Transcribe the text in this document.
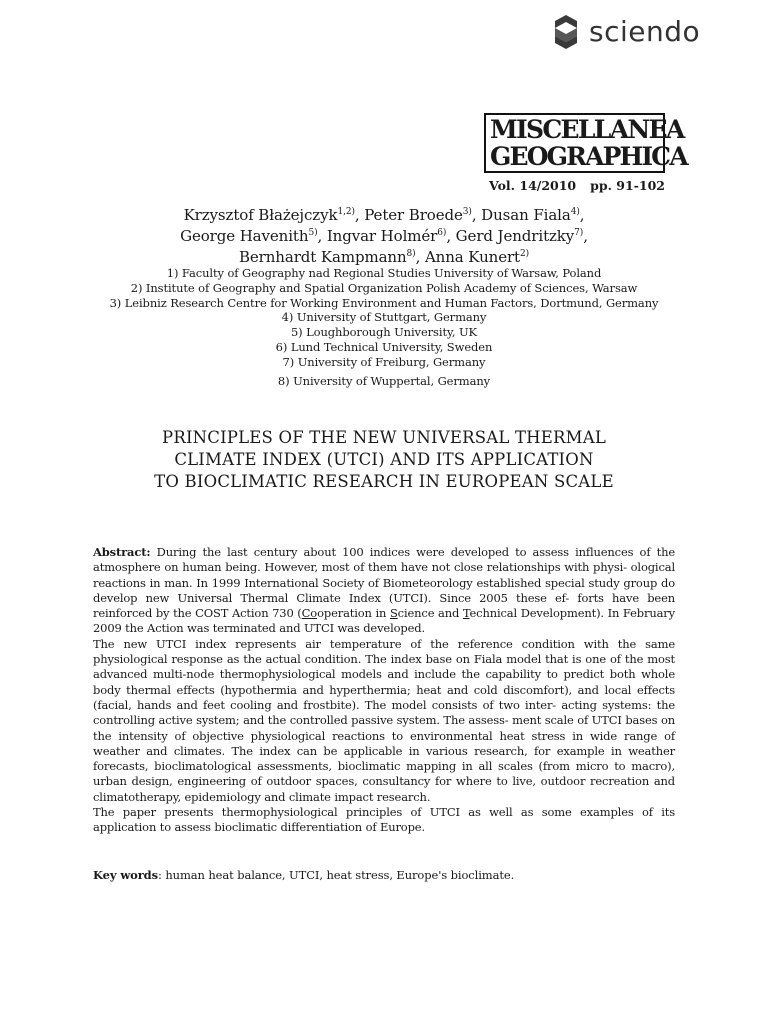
sciendo
MISCELLANEA
GEOGRAPHICA
Vol. 14/2010 pp. 91-102
Krzysztof Błażejczyk$^{1,2)}$, Peter Broede$^{3)}$, Dusan Fiala$^{4)}$,
George Havenith$^{5)}$, Ingvar Holmér$^{6)}$, Gerd Jendritzky$^{7)}$,
Bernhardt Kampmann$^{8)}$, Anna Kunert$^{2)}$
1) Faculty of Geography nad Regional Studies University of Warsaw, Poland
2) Institute of Geography and Spatial Organization Polish Academy of Sciences, Warsaw
3) Leibniz Research Centre for Working Environment and Human Factors, Dortmund, Germany
4) University of Stuttgart, Germany
5) Loughborough University, UK
6) Lund Technical University, Sweden
7) University of Freiburg, Germany
8) University of Wuppertal, Germany
PRINCIPLES OF THE NEW UNIVERSAL THERMAL
CLIMATE INDEX (UTCI) AND ITS APPLICATION
TO BIOCLIMATIC RESEARCH IN EUROPEAN SCALE

Abstract: During the last century about 100 indices were developed to assess influences of the atmosphere on human being. However, most of them have not close relationships with physi- ological reactions in man. In 1999 International Society of Biometeorology established special study group do develop new Universal Thermal Climate Index (UTCI). Since 2005 these ef- forts have been reinforced by the COST Action 730 (Cooperation in Science and Technical Development). In February 2009 the Action was terminated and UTCI was developed.

The new UTCI index represents air temperature of the reference condition with the same physiological response as the actual condition. The index base on Fiala model that is one of the most advanced multi-node thermophysiological models and include the capability to predict both whole body thermal effects (hypothermia and hyperthermia; heat and cold discomfort), and local effects (facial, hands and feet cooling and frostbite). The model consists of two inter- acting systems: the controlling active system; and the controlled passive system. The assess- ment scale of UTCI bases on the intensity of objective physiological reactions to environmental heat stress in wide range of weather and climates. The index can be applicable in various research, for example in weather forecasts, bioclimatological assessments, bioclimatic mapping in all scales (from micro to macro), urban design, engineering of outdoor spaces, consultancy for where to live, outdoor recreation and climatotherapy, epidemiology and climate impact research.

The paper presents thermophysiological principles of UTCI as well as some examples of its application to assess bioclimatic differentiation of Europe.

Key words: human heat balance, UTCI, heat stress, Europe's bioclimate.
